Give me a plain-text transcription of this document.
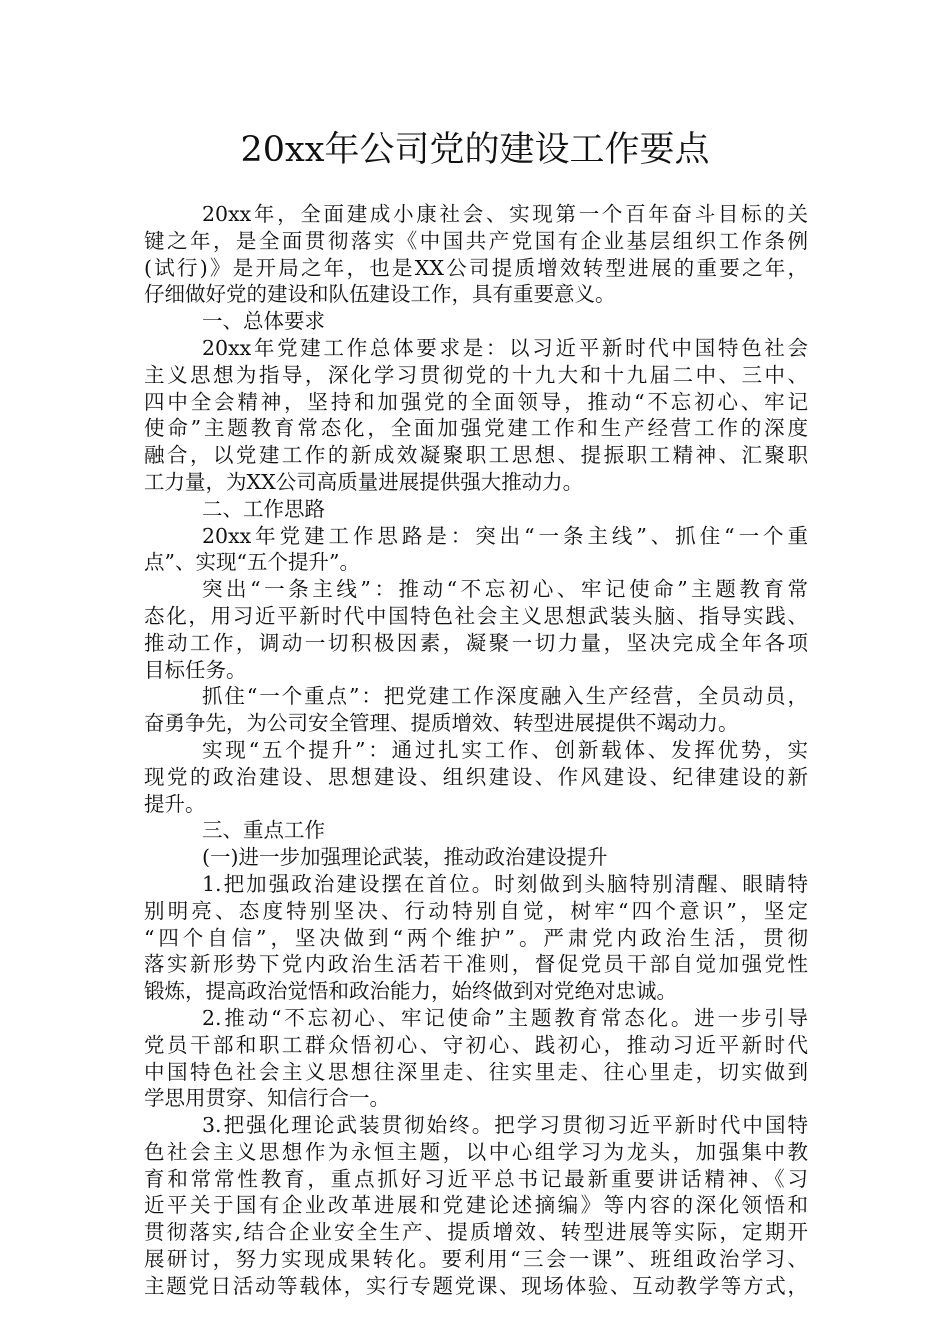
20xx年公司党的建设工作要点
20xx年，全面建成小康社会、实现第一个百年奋斗目标的关
键之年，是全面贯彻落实《中国共产党国有企业基层组织工作条例
(试行)》是开局之年，也是XX公司提质增效转型进展的重要之年，
仔细做好党的建设和队伍建设工作，具有重要意义。
一、总体要求
20xx年党建工作总体要求是：以习近平新时代中国特色社会
主义思想为指导，深化学习贯彻党的十九大和十九届二中、三中、
四中全会精神，坚持和加强党的全面领导，推动“不忘初心、牢记
使命”主题教育常态化，全面加强党建工作和生产经营工作的深度
融合，以党建工作的新成效凝聚职工思想、提振职工精神、汇聚职
工力量，为XX公司高质量进展提供强大推动力。
二、工作思路
20xx年党建工作思路是：突出“一条主线”、抓住“一个重
点”、实现“五个提升”。
突出“一条主线”：推动“不忘初心、牢记使命”主题教育常
态化，用习近平新时代中国特色社会主义思想武装头脑、指导实践、
推动工作，调动一切积极因素，凝聚一切力量，坚决完成全年各项
目标任务。
抓住“一个重点”：把党建工作深度融入生产经营，全员动员，
奋勇争先，为公司安全管理、提质增效、转型进展提供不竭动力。
实现“五个提升”：通过扎实工作、创新载体、发挥优势，实
现党的政治建设、思想建设、组织建设、作风建设、纪律建设的新
提升。
三、重点工作
(一)进一步加强理论武装，推动政治建设提升
1.把加强政治建设摆在首位。时刻做到头脑特别清醒、眼睛特
别明亮、态度特别坚决、行动特别自觉，树牢“四个意识”，坚定
“四个自信”，坚决做到“两个维护”。严肃党内政治生活，贯彻
落实新形势下党内政治生活若干准则，督促党员干部自觉加强党性
锻炼，提高政治觉悟和政治能力，始终做到对党绝对忠诚。
2.推动“不忘初心、牢记使命”主题教育常态化。进一步引导
党员干部和职工群众悟初心、守初心、践初心，推动习近平新时代
中国特色社会主义思想往深里走、往实里走、往心里走，切实做到
学思用贯穿、知信行合一。
3.把强化理论武装贯彻始终。把学习贯彻习近平新时代中国特
色社会主义思想作为永恒主题，以中心组学习为龙头，加强集中教
育和常常性教育，重点抓好习近平总书记最新重要讲话精神、《习
近平关于国有企业改革进展和党建论述摘编》等内容的深化领悟和
贯彻落实,结合企业安全生产、提质增效、转型进展等实际，定期开
展研讨，努力实现成果转化。要利用“三会一课”、班组政治学习、
主题党日活动等载体，实行专题党课、现场体验、互动教学等方式，
